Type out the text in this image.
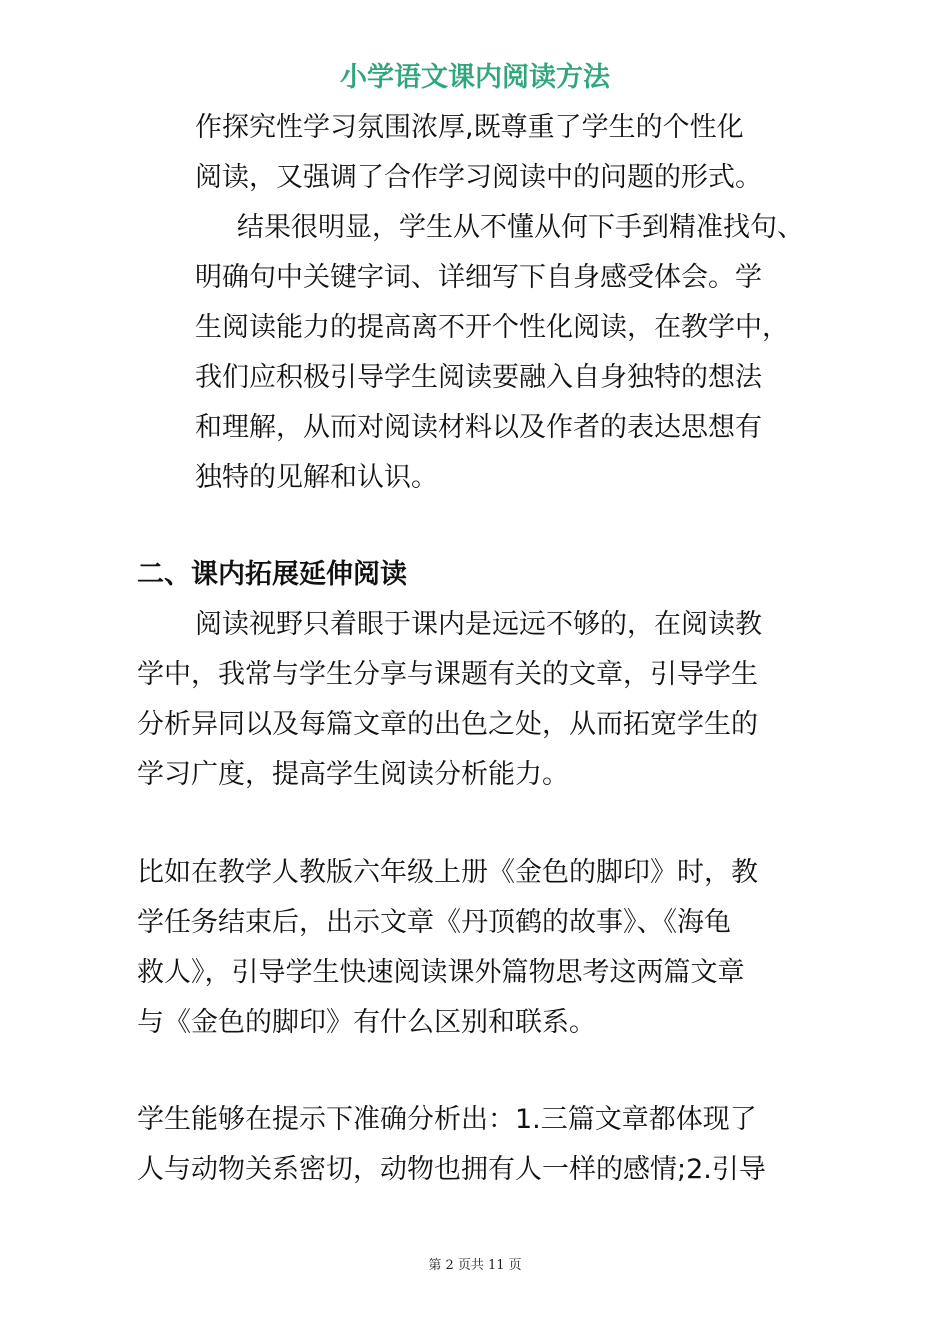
小学语文课内阅读方法
作探究性学习氛围浓厚,既尊重了学生的个性化
阅读，又强调了合作学习阅读中的问题的形式。
结果很明显，学生从不懂从何下手到精准找句、
明确句中关键字词、详细写下自身感受体会。学
生阅读能力的提高离不开个性化阅读，在教学中，
我们应积极引导学生阅读要融入自身独特的想法
和理解，从而对阅读材料以及作者的表达思想有
独特的见解和认识。
二、课内拓展延伸阅读
阅读视野只着眼于课内是远远不够的，在阅读教
学中，我常与学生分享与课题有关的文章，引导学生
分析异同以及每篇文章的出色之处，从而拓宽学生的
学习广度，提高学生阅读分析能力。
比如在教学人教版六年级上册《金色的脚印》时，教
学任务结束后，出示文章《丹顶鹤的故事》、《海龟
救人》，引导学生快速阅读课外篇物思考这两篇文章
与《金色的脚印》有什么区别和联系。
学生能够在提示下准确分析出：1.三篇文章都体现了
人与动物关系密切，动物也拥有人一样的感情;2.引导
第 2 页共 11 页
